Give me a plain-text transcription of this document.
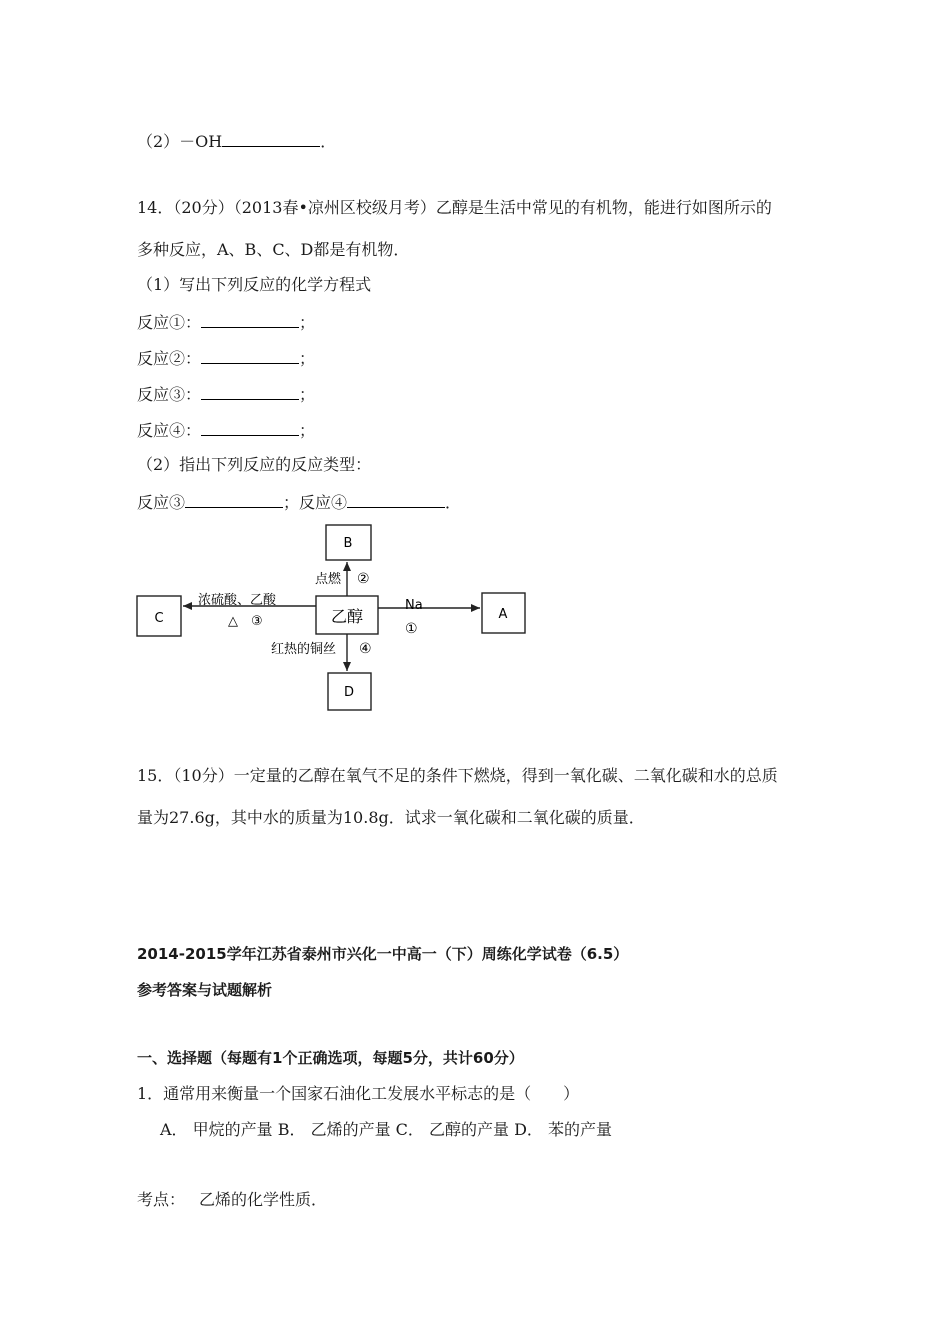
（2）－OH	．
14．（20分）（2013春•凉州区校级月考）乙醇是生活中常见的有机物，能进行如图所示的
多种反应，A、B、C、D都是有机物．
（1）写出下列反应的化学方程式
反应①：	；
反应②：	；
反应③：	；
反应④：	；
（2）指出下列反应的反应类型：
反应③	；反应④	．
B
C	乙醇	A
D
点燃 ②
浓硫酸、乙酸
△　③
Na
①
红热的铜丝 ④
15．（10分）一定量的乙醇在氧气不足的条件下燃烧，得到一氧化碳、二氧化碳和水的总质
量为27.6g，其中水的质量为10.8g．试求一氧化碳和二氧化碳的质量．
2014-2015学年江苏省泰州市兴化一中高一（下）周练化学试卷（6.5）
参考答案与试题解析
一、选择题（每题有1个正确选项，每题5分，共计60分）
1．通常用来衡量一个国家石油化工发展水平标志的是（　　）
A． 甲烷的产量 B． 乙烯的产量 C． 乙醇的产量 D． 苯的产量
考点： 乙烯的化学性质．
